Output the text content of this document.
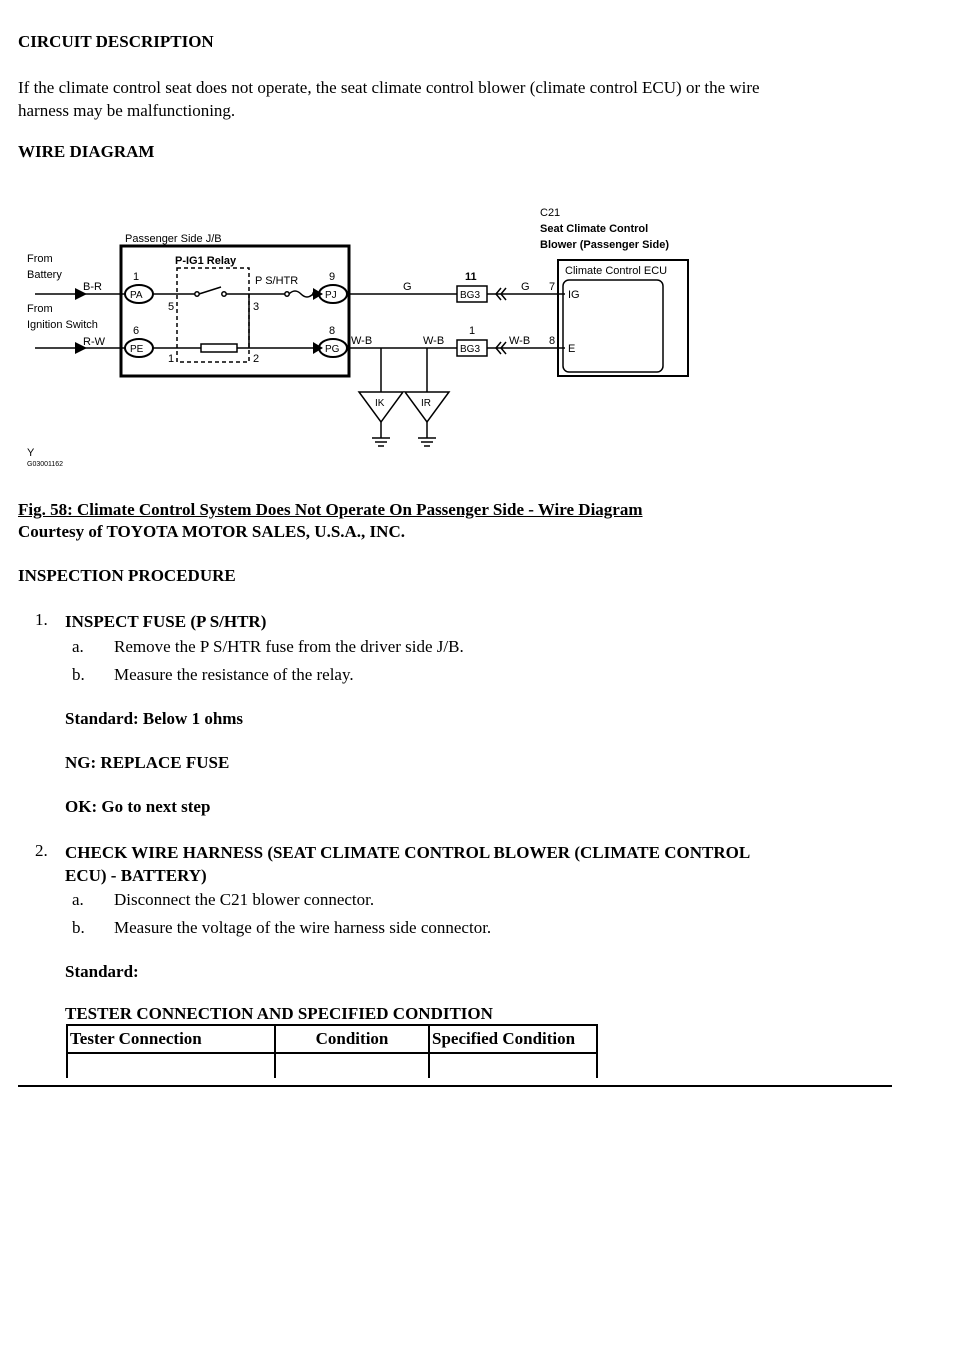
CIRCUIT DESCRIPTION
If the climate control seat does not operate, the seat climate control blower (climate control ECU) or the wire
harness may be malfunctioning.
WIRE DIAGRAM
C21
Seat Climate Control
Blower (Passenger Side)
Passenger Side J/B
P-IG1 Relay
P S/HTR
Climate Control ECU
From
Battery
From
Ignition Switch
B-R
R-W
G	G
W-B	W-B	W-B
1
5	3
9
6
1	2
8
11
1
7
8
PA
PE
PJ
PG
BG3
BG3
IG
E
IK	IR
Y
G03001162
Fig. 58: Climate Control System Does Not Operate On Passenger Side - Wire Diagram
Courtesy of TOYOTA MOTOR SALES, U.S.A., INC.
INSPECTION PROCEDURE
1. INSPECT FUSE (P S/HTR)
a. Remove the P S/HTR fuse from the driver side J/B.
b. Measure the resistance of the relay.
Standard: Below 1 ohms
NG: REPLACE FUSE
OK: Go to next step
2. CHECK WIRE HARNESS (SEAT CLIMATE CONTROL BLOWER (CLIMATE CONTROL
ECU) - BATTERY)
a. Disconnect the C21 blower connector.
b. Measure the voltage of the wire harness side connector.
Standard:
TESTER CONNECTION AND SPECIFIED CONDITION
Tester Connection	Condition	Specified Condition
